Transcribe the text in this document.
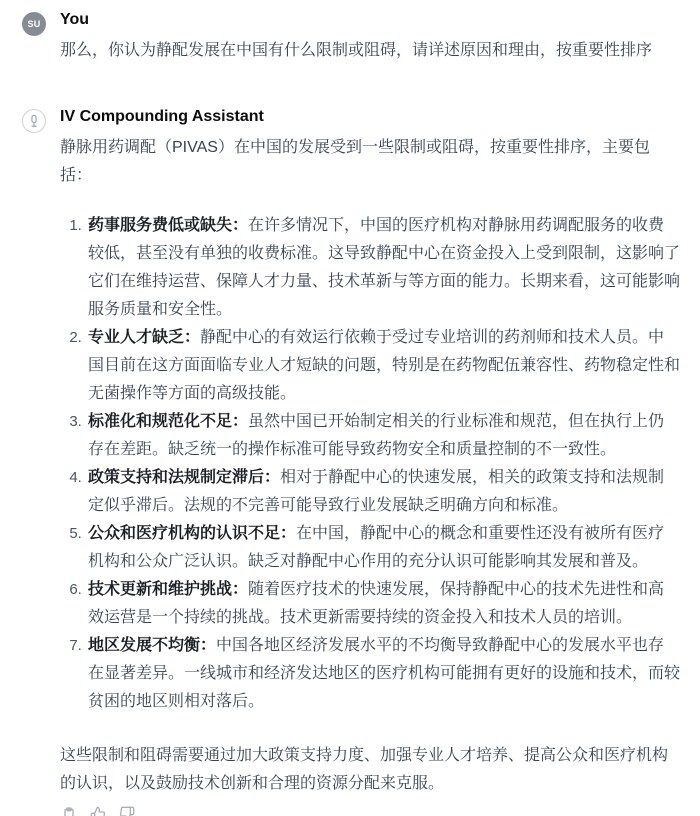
SU	You
那么，你认为静配发展在中国有什么限制或阻碍，请详述原因和理由，按重要性排序
IV Compounding Assistant

静脉用药调配（PIVAS）在中国的发展受到一些限制或阻碍，按重要性排序，主要包括：

1. 药事服务费低或缺失：在许多情况下，中国的医疗机构对静脉用药调配服务的收费较低，甚至没有单独的收费标准。这导致静配中心在资金投入上受到限制，这影响了它们在维持运营、保障人才力量、技术革新与等方面的能力。长期来看，这可能影响服务质量和安全性。
2. 专业人才缺乏：静配中心的有效运行依赖于受过专业培训的药剂师和技术人员。中国目前在这方面面临专业人才短缺的问题，特别是在药物配伍兼容性、药物稳定性和无菌操作等方面的高级技能。
3. 标准化和规范化不足：虽然中国已开始制定相关的行业标准和规范，但在执行上仍存在差距。缺乏统一的操作标准可能导致药物安全和质量控制的不一致性。
4. 政策支持和法规制定滞后：相对于静配中心的快速发展，相关的政策支持和法规制定似乎滞后。法规的不完善可能导致行业发展缺乏明确方向和标准。
5. 公众和医疗机构的认识不足：在中国，静配中心的概念和重要性还没有被所有医疗机构和公众广泛认识。缺乏对静配中心作用的充分认识可能影响其发展和普及。
6. 技术更新和维护挑战：随着医疗技术的快速发展，保持静配中心的技术先进性和高效运营是一个持续的挑战。技术更新需要持续的资金投入和技术人员的培训。
7. 地区发展不均衡：中国各地区经济发展水平的不均衡导致静配中心的发展水平也存在显著差异。一线城市和经济发达地区的医疗机构可能拥有更好的设施和技术，而较贫困的地区则相对落后。

这些限制和阻碍需要通过加大政策支持力度、加强专业人才培养、提高公众和医疗机构的认识，以及鼓励技术创新和合理的资源分配来克服。
